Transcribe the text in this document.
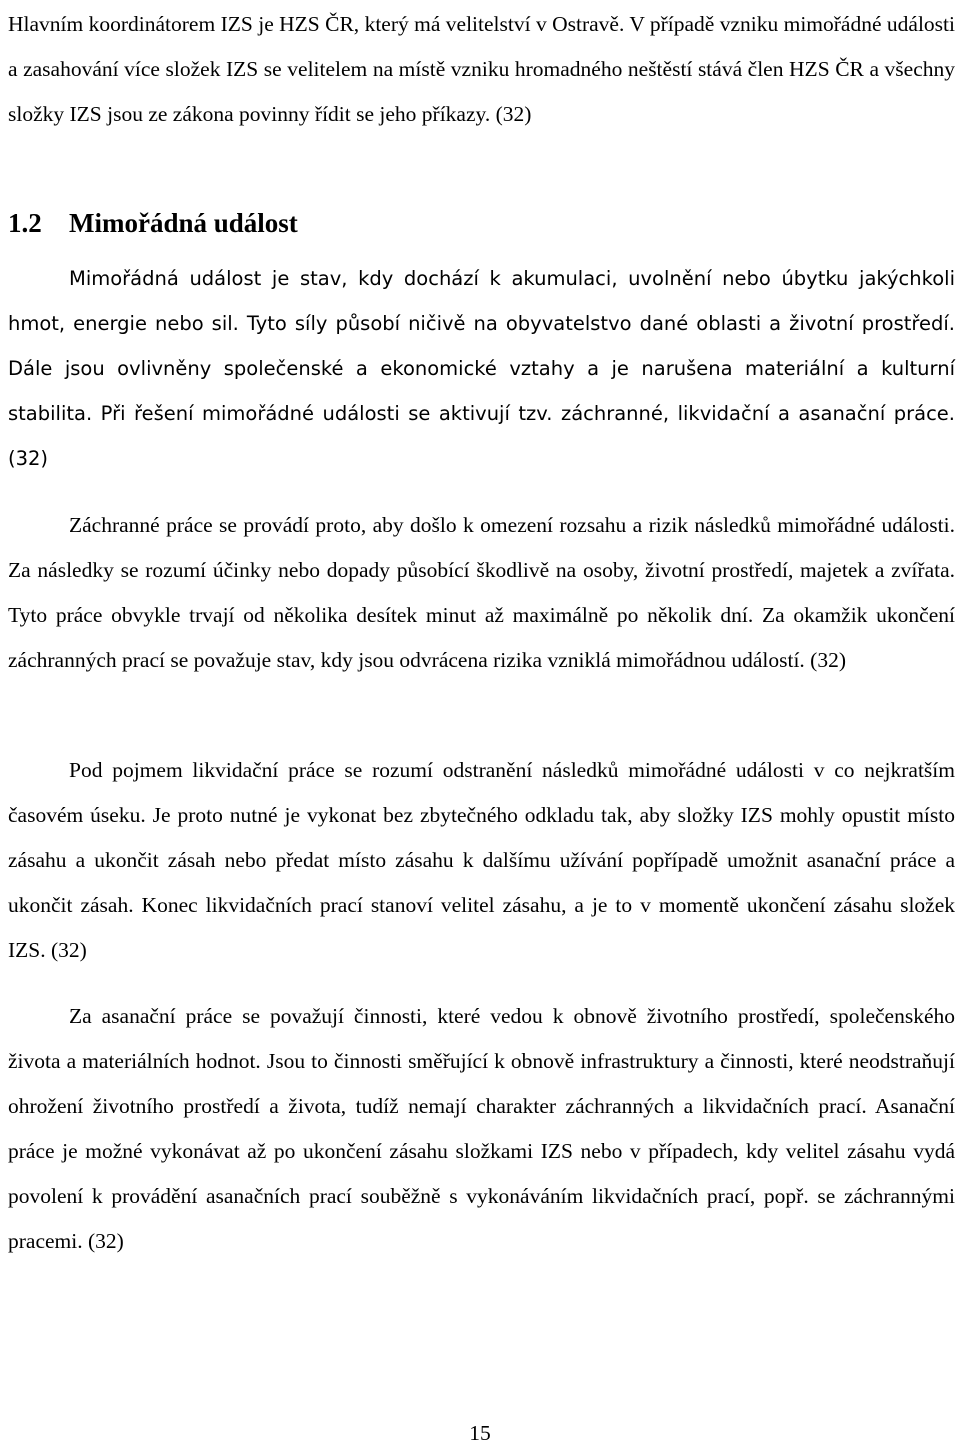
Hlavním koordinátorem IZS je HZS ČR, který má velitelství v Ostravě. V případě vzniku mimořádné události a zasahování více složek IZS se velitelem na místě vzniku hromadného neštěstí stává člen HZS ČR a všechny složky IZS jsou ze zákona povinny řídit se jeho příkazy. (32)

1.2 Mimořádná událost

Mimořádná událost je stav, kdy dochází k akumulaci, uvolnění nebo úbytku jakýchkoli hmot, energie nebo sil. Tyto síly působí ničivě na obyvatelstvo dané oblasti a životní prostředí. Dále jsou ovlivněny společenské a ekonomické vztahy a je narušena materiální a kulturní stabilita. Při řešení mimořádné události se aktivují tzv. záchranné, likvidační a asanační práce. (32)

Záchranné práce se provádí proto, aby došlo k omezení rozsahu a rizik následků mimořádné události. Za následky se rozumí účinky nebo dopady působící škodlivě na osoby, životní prostředí, majetek a zvířata. Tyto práce obvykle trvají od několika desítek minut až maximálně po několik dní. Za okamžik ukončení záchranných prací se považuje stav, kdy jsou odvrácena rizika vzniklá mimořádnou událostí. (32)

Pod pojmem likvidační práce se rozumí odstranění následků mimořádné události v co nejkratším časovém úseku. Je proto nutné je vykonat bez zbytečného odkladu tak, aby složky IZS mohly opustit místo zásahu a ukončit zásah nebo předat místo zásahu k dalšímu užívání popřípadě umožnit asanační práce a ukončit zásah. Konec likvidačních prací stanoví velitel zásahu, a je to v momentě ukončení zásahu složek IZS. (32)

Za asanační práce se považují činnosti, které vedou k obnově životního prostředí, společenského života a materiálních hodnot. Jsou to činnosti směřující k obnově infrastruktury a činnosti, které neodstraňují ohrožení životního prostředí a života, tudíž nemají charakter záchranných a likvidačních prací. Asanační práce je možné vykonávat až po ukončení zásahu složkami IZS nebo v případech, kdy velitel zásahu vydá povolení k provádění asanačních prací souběžně s vykonáváním likvidačních prací, popř. se záchrannými pracemi. (32)

15
